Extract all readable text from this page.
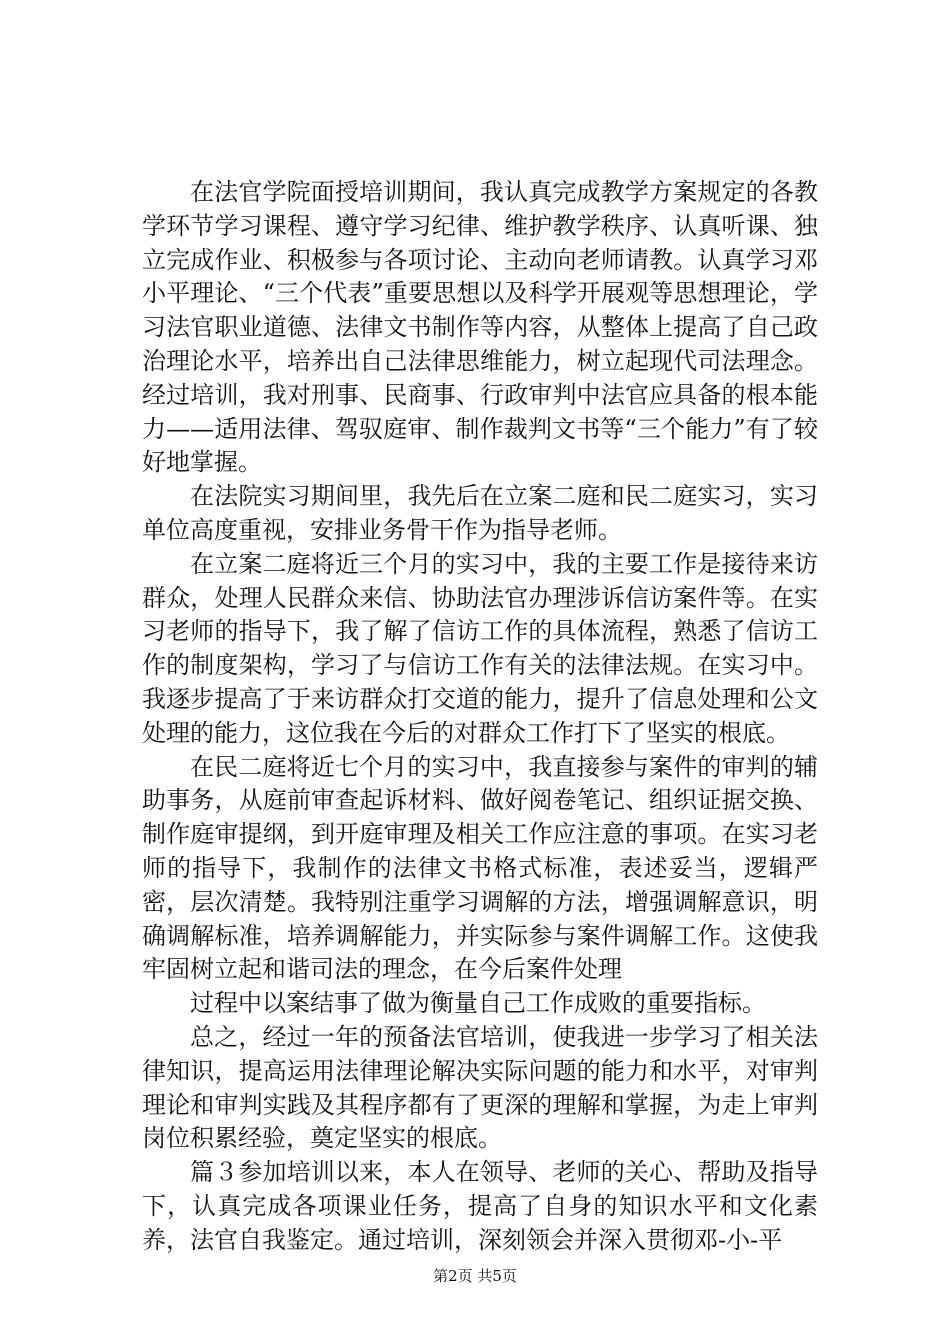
在法官学院面授培训期间，我认真完成教学方案规定的各教学环节学习课程、遵守学习纪律、维护教学秩序、认真听课、独立完成作业、积极参与各项讨论、主动向老师请教。认真学习邓小平理论、“三个代表”重要思想以及科学开展观等思想理论，学习法官职业道德、法律文书制作等内容，从整体上提高了自己政治理论水平，培养出自己法律思维能力，树立起现代司法理念。经过培训，我对刑事、民商事、行政审判中法官应具备的根本能力——适用法律、驾驭庭审、制作裁判文书等“三个能力”有了较好地掌握。

在法院实习期间里，我先后在立案二庭和民二庭实习，实习单位高度重视，安排业务骨干作为指导老师。

在立案二庭将近三个月的实习中，我的主要工作是接待来访群众，处理人民群众来信、协助法官办理涉诉信访案件等。在实习老师的指导下，我了解了信访工作的具体流程，熟悉了信访工作的制度架构，学习了与信访工作有关的法律法规。在实习中。我逐步提高了于来访群众打交道的能力，提升了信息处理和公文处理的能力，这位我在今后的对群众工作打下了坚实的根底。

在民二庭将近七个月的实习中，我直接参与案件的审判的辅助事务，从庭前审查起诉材料、做好阅卷笔记、组织证据交换、制作庭审提纲，到开庭审理及相关工作应注意的事项。在实习老师的指导下，我制作的法律文书格式标准，表述妥当，逻辑严密，层次清楚。我特别注重学习调解的方法，增强调解意识，明确调解标准，培养调解能力，并实际参与案件调解工作。这使我牢固树立起和谐司法的理念，在今后案件处理

过程中以案结事了做为衡量自己工作成败的重要指标。

总之，经过一年的预备法官培训，使我进一步学习了相关法律知识，提高运用法律理论解决实际问题的能力和水平，对审判理论和审判实践及其程序都有了更深的理解和掌握，为走上审判岗位积累经验，奠定坚实的根底。

篇３参加培训以来，本人在领导、老师的关心、帮助及指导下，认真完成各项课业任务，提高了自身的知识水平和文化素养，法官自我鉴定。通过培训，深刻领会并深入贯彻邓-小-平

第2页 共5页
